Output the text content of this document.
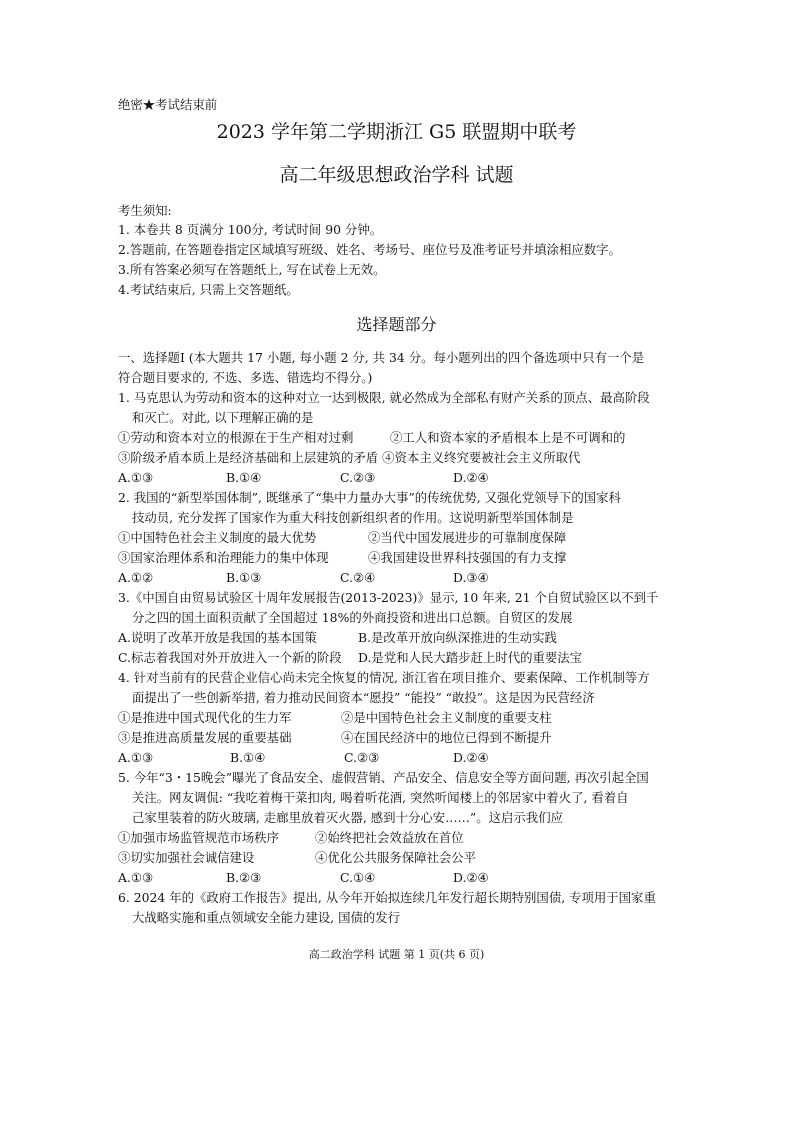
绝密★考试结束前
2023 学年第二学期浙江 G5 联盟期中联考
高二年级思想政治学科 试题
考生须知:
1. 本卷共 8 页满分 100分, 考试时间 90 分钟。
2.答题前, 在答题卷指定区域填写班级、姓名、考场号、座位号及准考证号并填涂相应数字。
3.所有答案必须写在答题纸上, 写在试卷上无效。
4.考试结束后, 只需上交答题纸。
选择题部分
一、选择题Ⅰ (本大题共 17 小题, 每小题 2 分, 共 34 分。每小题列出的四个备选项中只有一个是
符合题目要求的, 不选、多选、错选均不得分。)
1. 马克思认为劳动和资本的这种对立一达到极限, 就必然成为全部私有财产关系的顶点、最高阶段
和灭亡。对此, 以下理解正确的是
①劳动和资本对立的根源在于生产相对过剩	②工人和资本家的矛盾根本上是不可调和的
③阶级矛盾本质上是经济基础和上层建筑的矛盾 ④资本主义终究要被社会主义所取代
A.①③	B.①④	C.②③	D.②④
2. 我国的“新型举国体制”, 既继承了“集中力量办大事”的传统优势, 又强化党领导下的国家科
技动员, 充分发挥了国家作为重大科技创新组织者的作用。这说明新型举国体制是
①中国特色社会主义制度的最大优势	②当代中国发展进步的可靠制度保障
③国家治理体系和治理能力的集中体现	④我国建设世界科技强国的有力支撑
A.①②	B.①③	C.②④	D.③④
3.《中国自由贸易试验区十周年发展报告(2013-2023)》显示, 10 年来, 21 个自贸试验区以不到千
分之四的国土面积贡献了全国超过 18%的外商投资和进出口总额。自贸区的发展
A.说明了改革开放是我国的基本国策	B.是改革开放向纵深推进的生动实践
C.标志着我国对外开放进入一个新的阶段 D.是党和人民大踏步赶上时代的重要法宝
4. 针对当前有的民营企业信心尚未完全恢复的情况, 浙江省在项目推介、要素保障、工作机制等方
面提出了一些创新举措, 着力推动民间资本“愿投” “能投” “敢投”。这是因为民营经济
①是推进中国式现代化的生力军	②是中国特色社会主义制度的重要支柱
③是推进高质量发展的重要基础	④在国民经济中的地位已得到不断提升
A.①③	B.①④	C.②③	D.②④
5. 今年“3・15晚会”曝光了食品安全、虚假营销、产品安全、信息安全等方面问题, 再次引起全国
关注。网友调侃: “我吃着梅干菜扣肉, 喝着听花酒, 突然听闻楼上的邻居家中着火了, 看着自
己家里装着的防火玻璃, 走廊里放着灭火器, 感到十分心安……”。这启示我们应
①加强市场监管规范市场秩序	②始终把社会效益放在首位
③切实加强社会诚信建设	④优化公共服务保障社会公平
A.①③	B.②③	C.①④	D.②④
6. 2024 年的《政府工作报告》提出, 从今年开始拟连续几年发行超长期特别国债, 专项用于国家重
大战略实施和重点领域安全能力建设, 国债的发行
高二政治学科 试题 第 1 页(共 6 页)
